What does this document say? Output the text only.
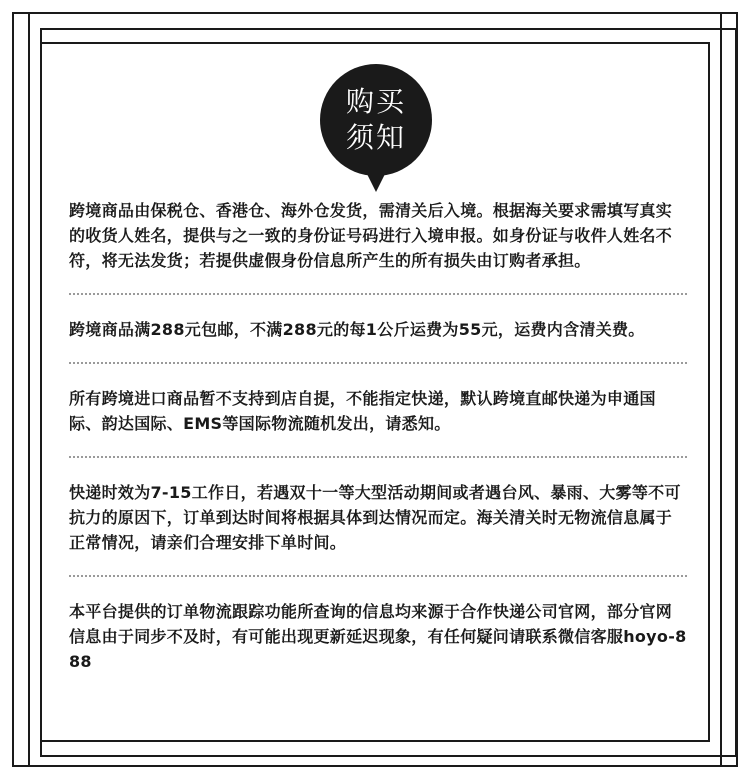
购买
须知

跨境商品由保税仓、香港仓、海外仓发货，需清关后入境。根据海关要求需填写真实的收货人姓名，提供与之一致的身份证号码进行入境申报。如身份证与收件人姓名不符，将无法发货；若提供虚假身份信息所产生的所有损失由订购者承担。

跨境商品满288元包邮，不满288元的每1公斤运费为55元，运费内含清关费。

所有跨境进口商品暂不支持到店自提，不能指定快递，默认跨境直邮快递为申通国际、韵达国际、EMS等国际物流随机发出，请悉知。

快递时效为7-15工作日，若遇双十一等大型活动期间或者遇台风、暴雨、大雾等不可抗力的原因下，订单到达时间将根据具体到达情况而定。海关清关时无物流信息属于正常情况，请亲们合理安排下单时间。

本平台提供的订单物流跟踪功能所查询的信息均来源于合作快递公司官网，部分官网信息由于同步不及时，有可能出现更新延迟现象，有任何疑问请联系微信客服hoyo-888
